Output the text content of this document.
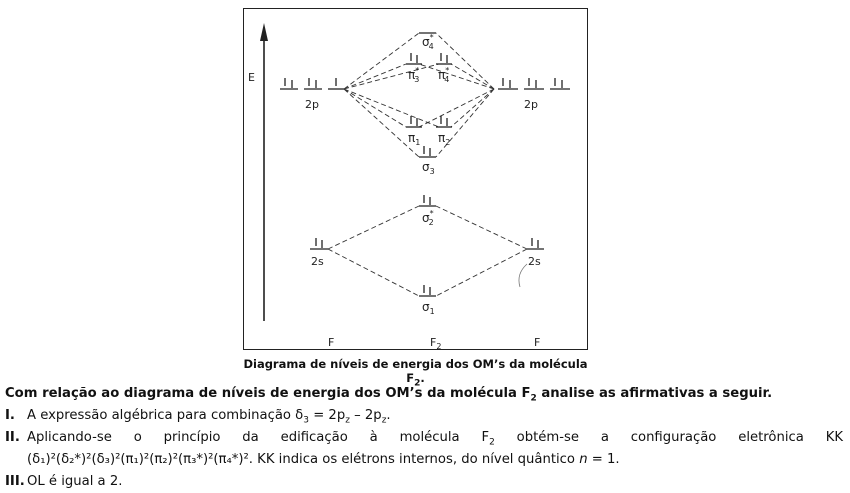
E
2p	2p
σ* 4
π* 3 π* 4
$\pi_1$ $\pi_2$
$\sigma_3$
σ* 2
2s	2s
$\sigma_1$
F	$F_2$	F
Diagrama de níveis de energia dos OM’s da molécula $F_2$.
Com relação ao diagrama de níveis de energia dos OM’s da molécula $F_2$ analise as afirmativas a seguir.
I. A expressão algébrica para combinação $\delta_3 = 2p_z - 2p_z$.
II. Aplicando-se o princípio da edificação à molécula $F_2$ obtém-se a configuração eletrônica KK
(δ₁)²(δ₂*)²(δ₃)²(π₁)²(π₂)²(π₃*)²(π₄*)². KK indica os elétrons internos, do nível quântico n = 1.
III. OL é igual a 2.
